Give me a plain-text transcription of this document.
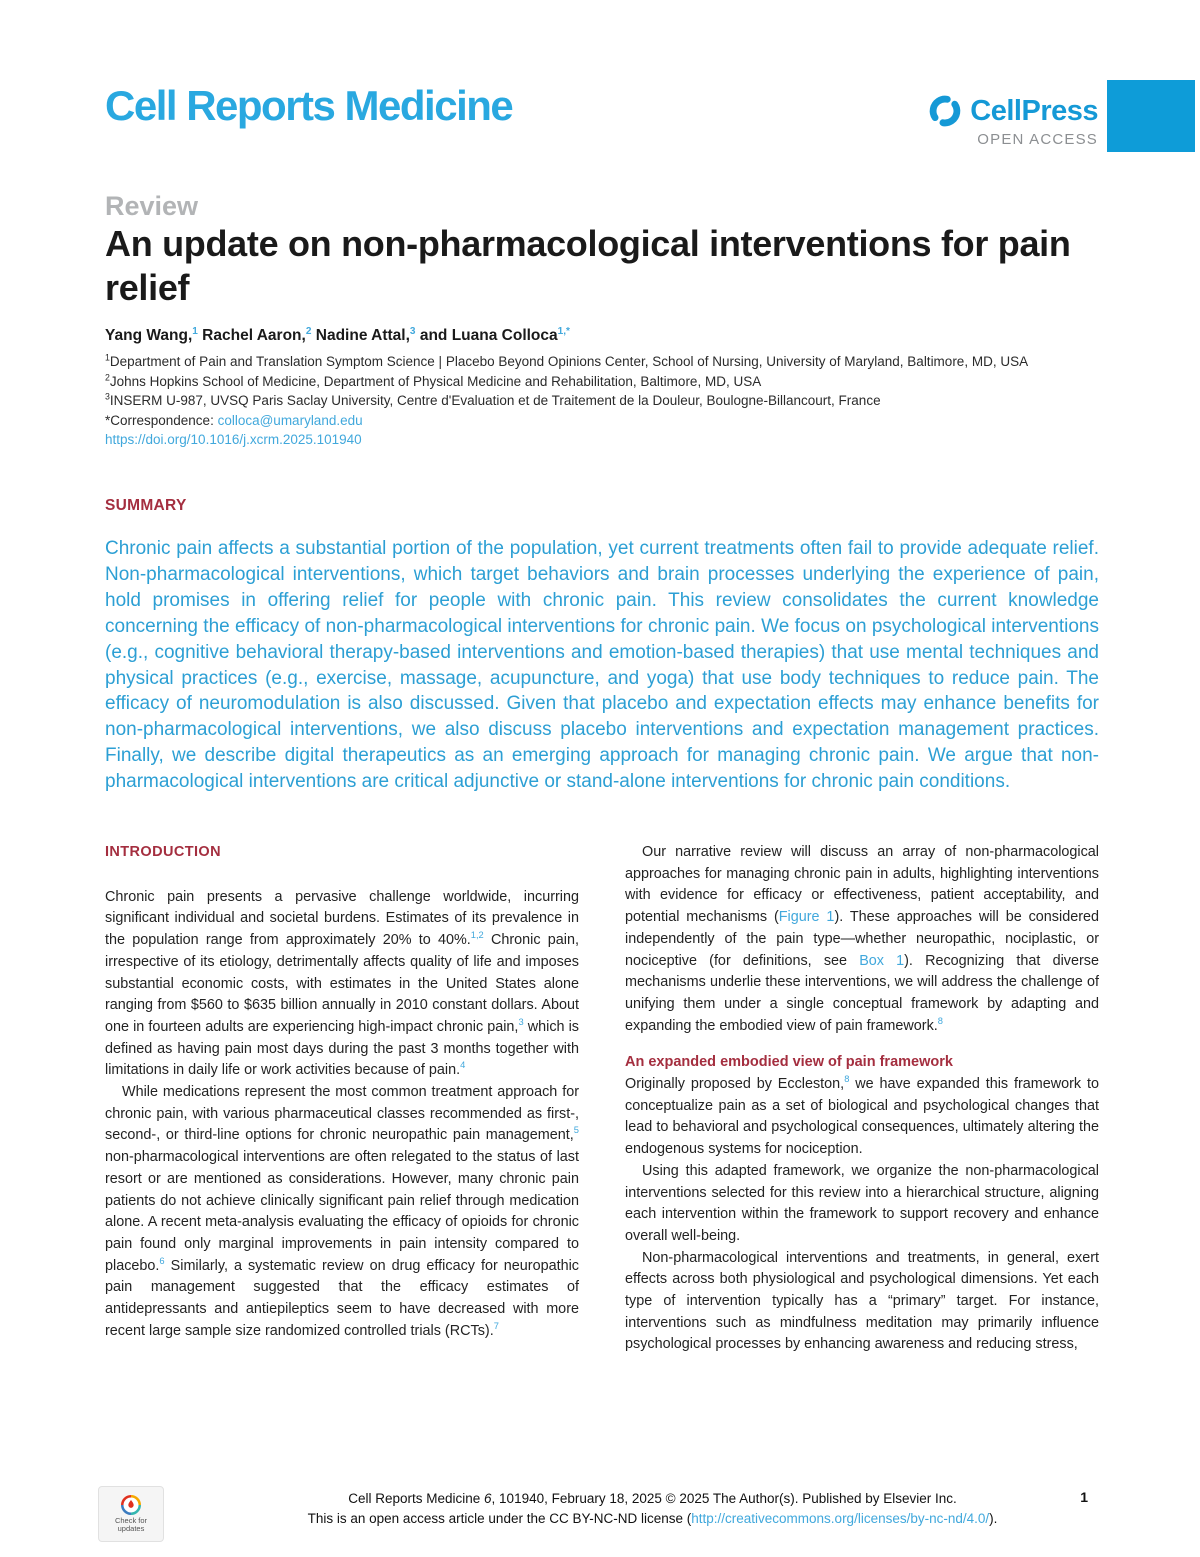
Cell Reports Medicine	CellPress
OPEN ACCESS
Review
An update on non-pharmacological interventions for pain relief
Yang Wang,$^1$ Rachel Aaron,$^2$ Nadine Attal,$^3$ and Luana Colloca$^{1,*}$
$^1$Department of Pain and Translation Symptom Science | Placebo Beyond Opinions Center, School of Nursing, University of Maryland, Baltimore, MD, USA
$^2$Johns Hopkins School of Medicine, Department of Physical Medicine and Rehabilitation, Baltimore, MD, USA
$^3$INSERM U-987, UVSQ Paris Saclay University, Centre d'Evaluation et de Traitement de la Douleur, Boulogne-Billancourt, France
*Correspondence: colloca@umaryland.edu
https://doi.org/10.1016/j.xcrm.2025.101940
SUMMARY
Chronic pain affects a substantial portion of the population, yet current treatments often fail to provide adequate relief. Non-pharmacological interventions, which target behaviors and brain processes underlying the experience of pain, hold promises in offering relief for people with chronic pain. This review consolidates the current knowledge concerning the efficacy of non-pharmacological interventions for chronic pain. We focus on psychological interventions (e.g., cognitive behavioral therapy-based interventions and emotion-based therapies) that use mental techniques and physical practices (e.g., exercise, massage, acupuncture, and yoga) that use body techniques to reduce pain. The efficacy of neuromodulation is also discussed. Given that placebo and expectation effects may enhance benefits for non-pharmacological interventions, we also discuss placebo interventions and expectation management practices. Finally, we describe digital therapeutics as an emerging approach for managing chronic pain. We argue that non-pharmacological interventions are critical adjunctive or stand-alone interventions for chronic pain conditions.
INTRODUCTION

Chronic pain presents a pervasive challenge worldwide, incurring significant individual and societal burdens. Estimates of its prevalence in the population range from approximately 20% to 40%.$^{1,2}$ Chronic pain, irrespective of its etiology, detrimentally affects quality of life and imposes substantial economic costs, with estimates in the United States alone ranging from $560 to $635 billion annually in 2010 constant dollars. About one in fourteen adults are experiencing high-impact chronic pain,$^3$ which is defined as having pain most days during the past 3 months together with limitations in daily life or work activities because of pain.$^4$

While medications represent the most common treatment approach for chronic pain, with various pharmaceutical classes recommended as first-, second-, or third-line options for chronic neuropathic pain management,$^5$ non-pharmacological interventions are often relegated to the status of last resort or are mentioned as considerations. However, many chronic pain patients do not achieve clinically significant pain relief through medication alone. A recent meta-analysis evaluating the efficacy of opioids for chronic pain found only marginal improvements in pain intensity compared to placebo.$^6$ Similarly, a systematic review on drug efficacy for neuropathic pain management suggested that the efficacy estimates of antidepressants and antiepileptics seem to have decreased with more recent large sample size randomized controlled trials (RCTs).$^7$

Our narrative review will discuss an array of non-pharmacological approaches for managing chronic pain in adults, highlighting interventions with evidence for efficacy or effectiveness, patient acceptability, and potential mechanisms (Figure 1). These approaches will be considered independently of the pain type—whether neuropathic, nociplastic, or nociceptive (for definitions, see Box 1). Recognizing that diverse mechanisms underlie these interventions, we will address the challenge of unifying them under a single conceptual framework by adapting and expanding the embodied view of pain framework.$^8$

An expanded embodied view of pain framework

Originally proposed by Eccleston,$^8$ we have expanded this framework to conceptualize pain as a set of biological and psychological changes that lead to behavioral and psychological consequences, ultimately altering the endogenous systems for nociception.

Using this adapted framework, we organize the non-pharmacological interventions selected for this review into a hierarchical structure, aligning each intervention within the framework to support recovery and enhance overall well-being.

Non-pharmacological interventions and treatments, in general, exert effects across both physiological and psychological dimensions. Yet each type of intervention typically has a “primary” target. For instance, interventions such as mindfulness meditation may primarily influence psychological processes by enhancing awareness and reducing stress,

Check for updates
Cell Reports Medicine 6, 101940, February 18, 2025 © 2025 The Author(s). Published by Elsevier Inc.
This is an open access article under the CC BY-NC-ND license (http://creativecommons.org/licenses/by-nc-nd/4.0/).
1
